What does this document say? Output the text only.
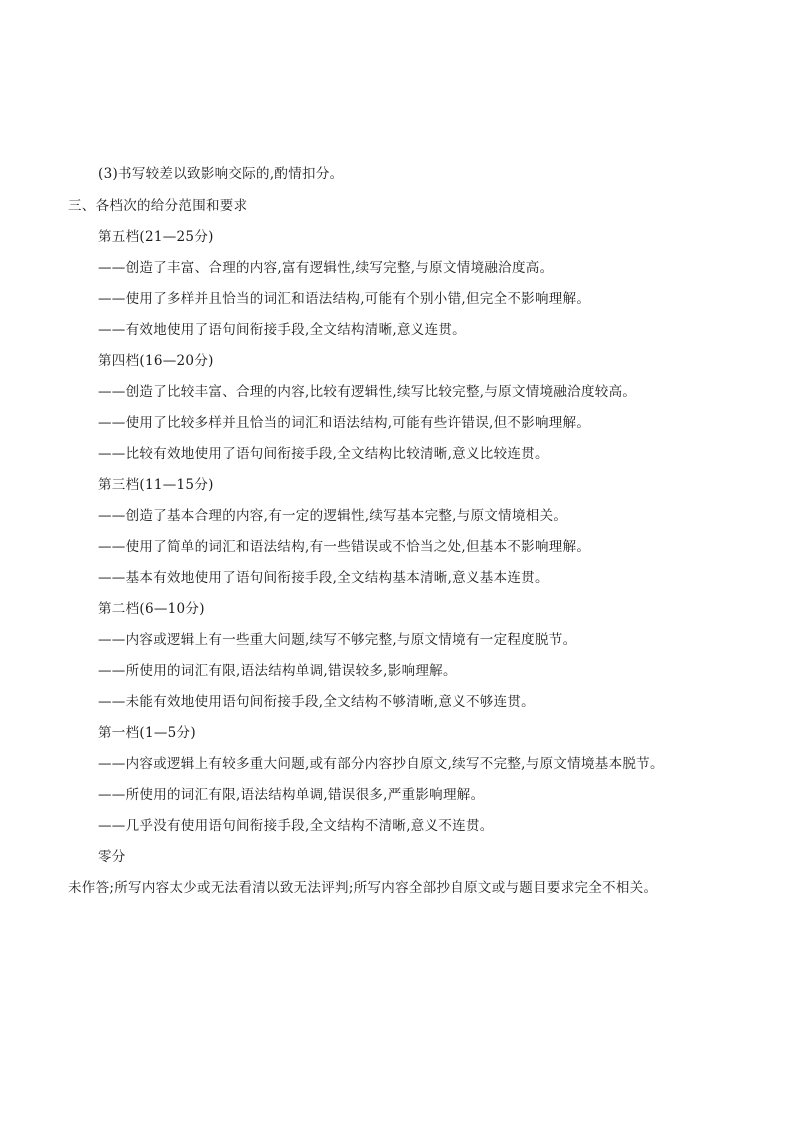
(3)书写较差以致影响交际的,酌情扣分。
三、各档次的给分范围和要求
第五档(21—25分)
——创造了丰富、合理的内容,富有逻辑性,续写完整,与原文情境融洽度高。
——使用了多样并且恰当的词汇和语法结构,可能有个别小错,但完全不影响理解。
——有效地使用了语句间衔接手段,全文结构清晰,意义连贯。
第四档(16—20分)
——创造了比较丰富、合理的内容,比较有逻辑性,续写比较完整,与原文情境融洽度较高。
——使用了比较多样并且恰当的词汇和语法结构,可能有些许错误,但不影响理解。
——比较有效地使用了语句间衔接手段,全文结构比较清晰,意义比较连贯。
第三档(11—15分)
——创造了基本合理的内容,有一定的逻辑性,续写基本完整,与原文情境相关。
——使用了简单的词汇和语法结构,有一些错误或不恰当之处,但基本不影响理解。
——基本有效地使用了语句间衔接手段,全文结构基本清晰,意义基本连贯。
第二档(6—10分)
——内容或逻辑上有一些重大问题,续写不够完整,与原文情境有一定程度脱节。
——所使用的词汇有限,语法结构单调,错误较多,影响理解。
——未能有效地使用语句间衔接手段,全文结构不够清晰,意义不够连贯。
第一档(1—5分)
——内容或逻辑上有较多重大问题,或有部分内容抄自原文,续写不完整,与原文情境基本脱节。
——所使用的词汇有限,语法结构单调,错误很多,严重影响理解。
——几乎没有使用语句间衔接手段,全文结构不清晰,意义不连贯。
零分
未作答;所写内容太少或无法看清以致无法评判;所写内容全部抄自原文或与题目要求完全不相关。
